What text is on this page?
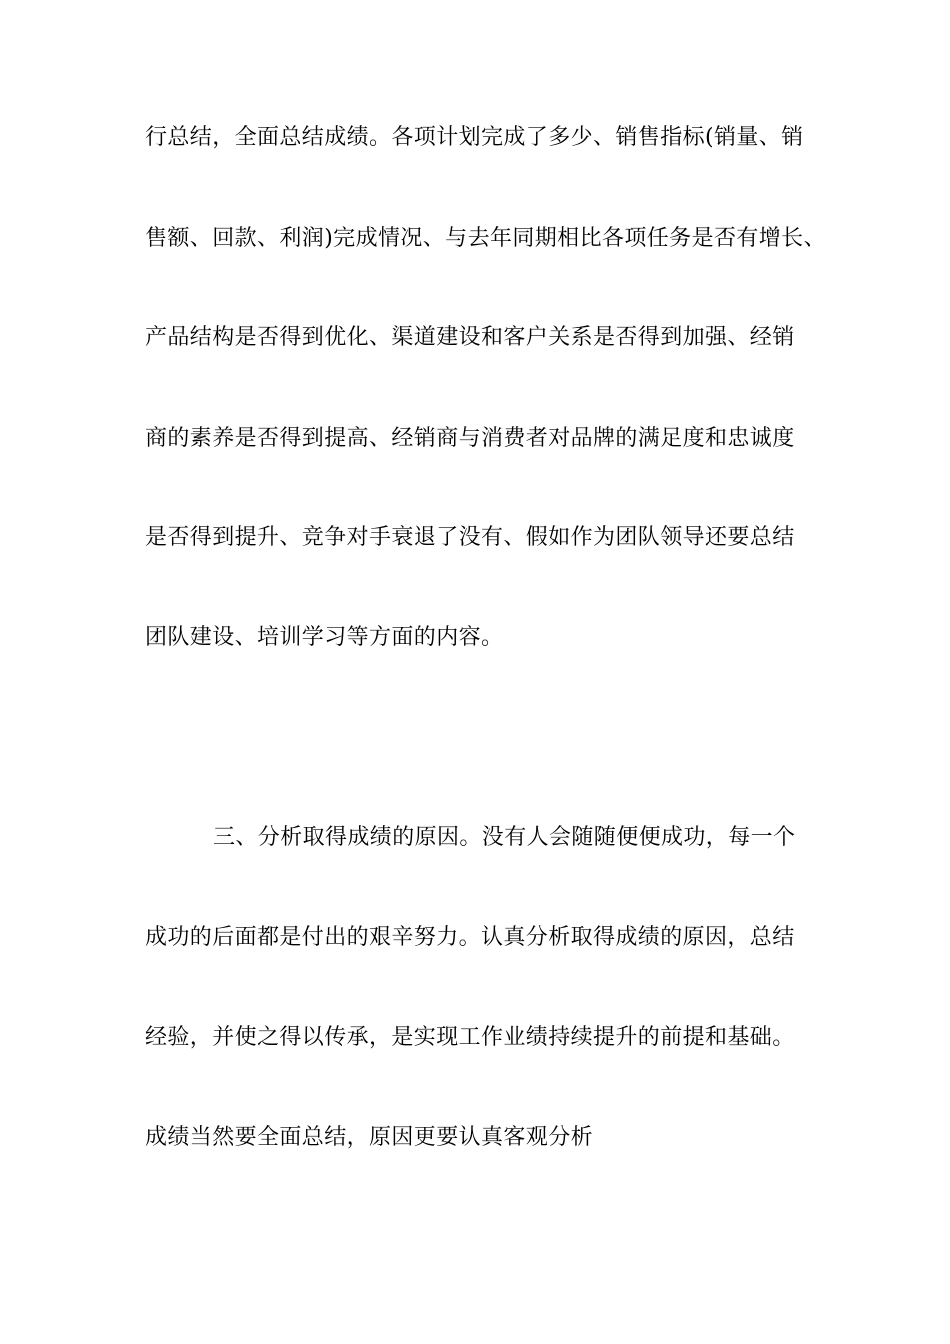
行总结，全面总结成绩。各项计划完成了多少、销售指标(销量、销
售额、回款、利润)完成情况、与去年同期相比各项任务是否有增长、
产品结构是否得到优化、渠道建设和客户关系是否得到加强、经销
商的素养是否得到提高、经销商与消费者对品牌的满足度和忠诚度
是否得到提升、竞争对手衰退了没有、假如作为团队领导还要总结
团队建设、培训学习等方面的内容。
三、分析取得成绩的原因。没有人会随随便便成功，每一个
成功的后面都是付出的艰辛努力。认真分析取得成绩的原因，总结
经验，并使之得以传承，是实现工作业绩持续提升的前提和基础。
成绩当然要全面总结，原因更要认真客观分析
